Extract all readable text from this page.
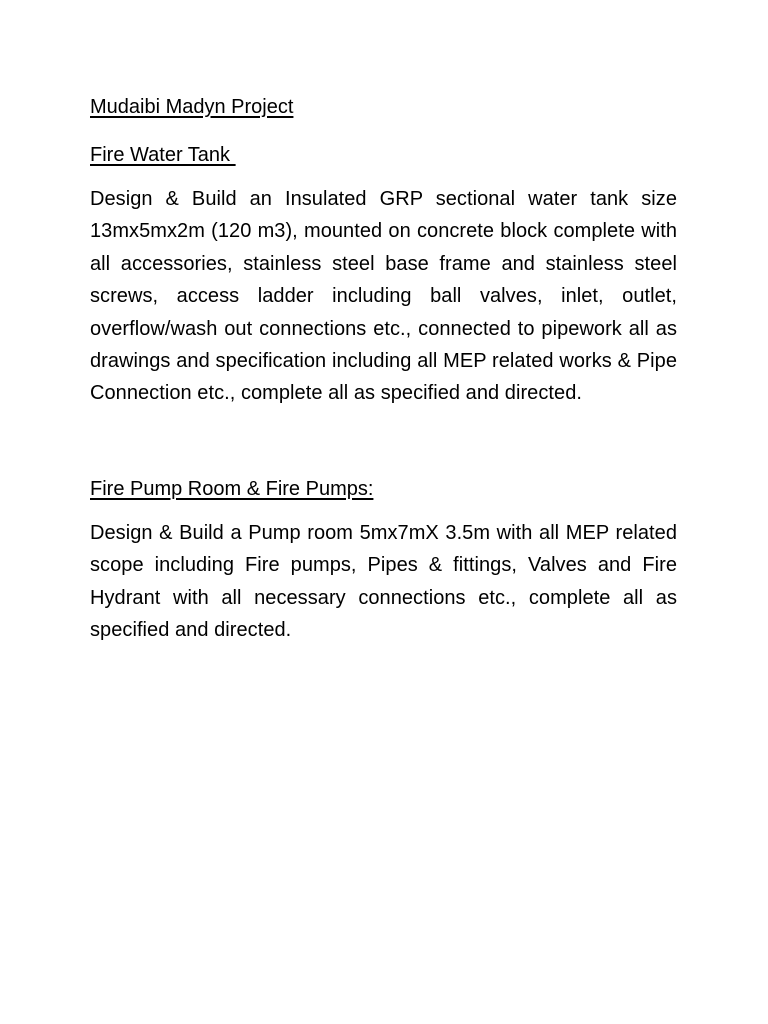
Mudaibi Madyn Project
Fire Water Tank
Design & Build an Insulated GRP sectional water tank size 13mx5mx2m (120 m3), mounted on concrete block complete with all accessories, stainless steel base frame and stainless steel screws, access ladder including ball valves, inlet, outlet, overflow/wash out connections etc., connected to pipework all as drawings and specification including all MEP related works & Pipe Connection etc., complete all as specified and directed.
Fire Pump Room & Fire Pumps:
Design & Build a Pump room 5mx7mX 3.5m with all MEP related scope including Fire pumps, Pipes & fittings, Valves and Fire Hydrant with all necessary connections etc., complete all as specified and directed.
